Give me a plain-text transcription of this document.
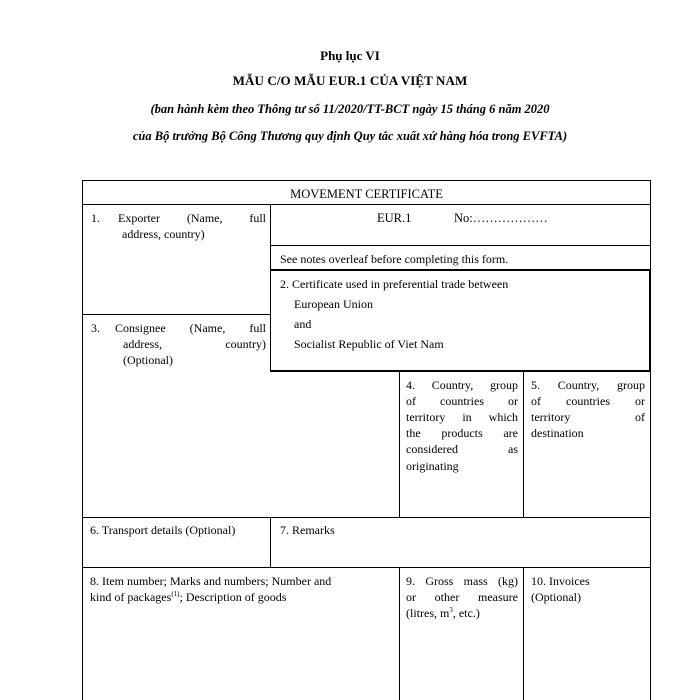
Phụ lục VI
MẪU C/O MẪU EUR.1 CỦA VIỆT NAM
(ban hành kèm theo Thông tư số 11/2020/TT-BCT ngày 15 tháng 6 năm 2020
của Bộ trưởng Bộ Công Thương quy định Quy tắc xuất xứ hàng hóa trong EVFTA)
MOVEMENT CERTIFICATE
1. Exporter (Name, full
address, country)
EUR.1	No:………………
See notes overleaf before completing this form.
2. Certificate used in preferential trade between
European Union
and
Socialist Republic of Viet Nam
3. Consignee (Name, full
address, country)
(Optional)
4. Country, group
of countries or
territory in which
the products are
considered as
originating
5. Country, group
of countries or
territory of
destination
6. Transport details (Optional)	7. Remarks
8. Item number; Marks and numbers; Number and
kind of packages$^{(1)}$; Description of goods
9. Gross mass (kg)
or other measure
(litres, $m^3$, etc.)
10. Invoices
(Optional)
